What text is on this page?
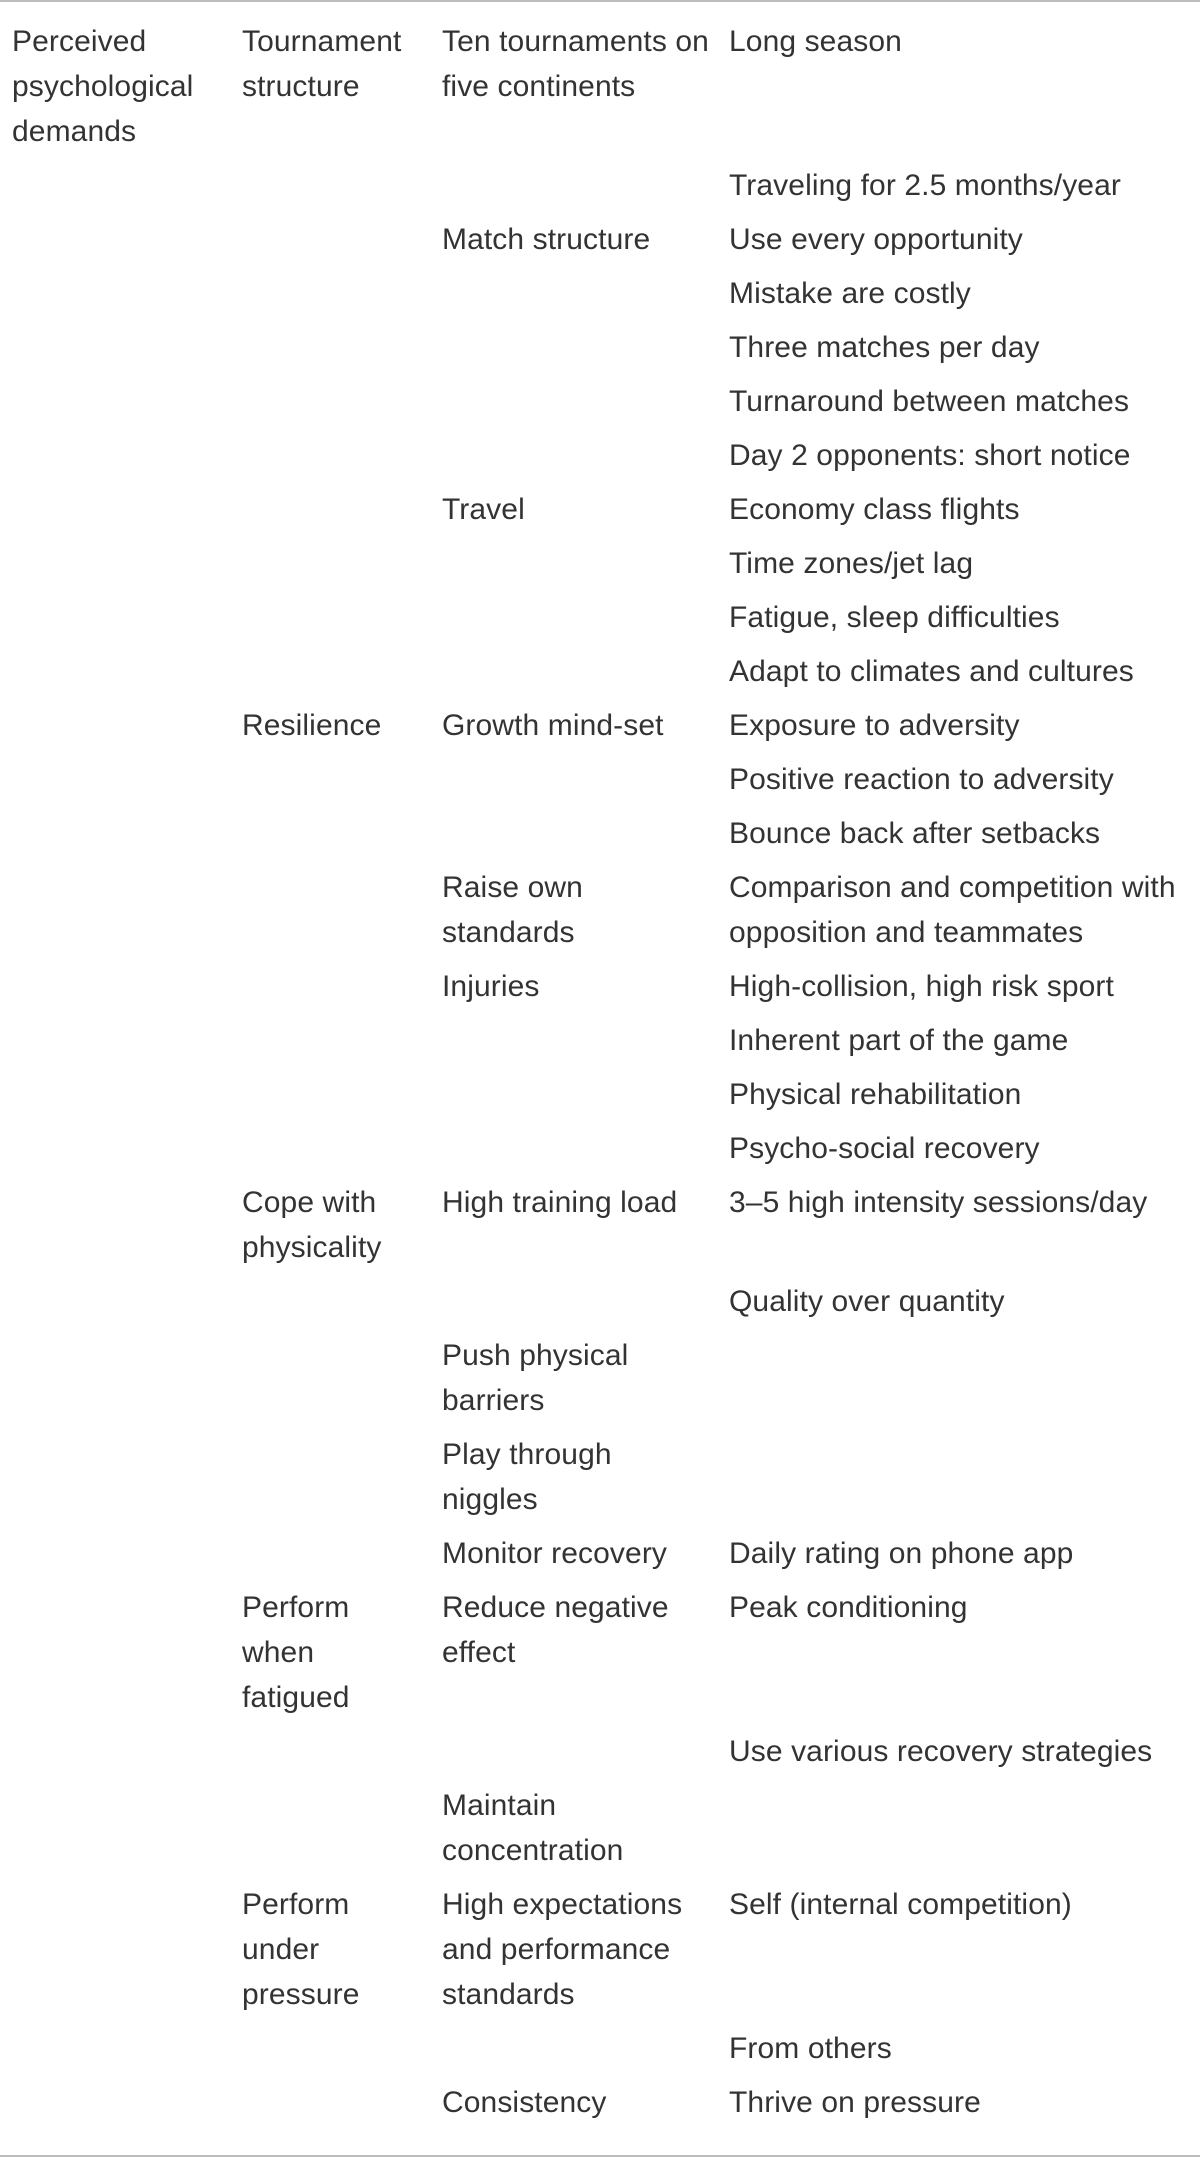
Perceived psychological demands	Tournament structure	Ten tournaments on five continents	Long season
			Traveling for 2.5 months/year
		Match structure	Use every opportunity
			Mistake are costly
			Three matches per day
			Turnaround between matches
			Day 2 opponents: short notice
		Travel	Economy class flights
			Time zones/jet lag
			Fatigue, sleep difficulties
			Adapt to climates and cultures
	Resilience	Growth mind-set	Exposure to adversity
			Positive reaction to adversity
			Bounce back after setbacks
		Raise own standards	Comparison and competition with opposition and teammates
		Injuries	High-collision, high risk sport
			Inherent part of the game
			Physical rehabilitation
			Psycho-social recovery
	Cope with physicality	High training load	3–5 high intensity sessions/day
			Quality over quantity
		Push physical barriers	
		Play through niggles	
		Monitor recovery	Daily rating on phone app
	Perform when fatigued	Reduce negative effect	Peak conditioning
			Use various recovery strategies
		Maintain concentration	
	Perform under pressure	High expectations and performance standards	Self (internal competition)
			From others
		Consistency	Thrive on pressure
